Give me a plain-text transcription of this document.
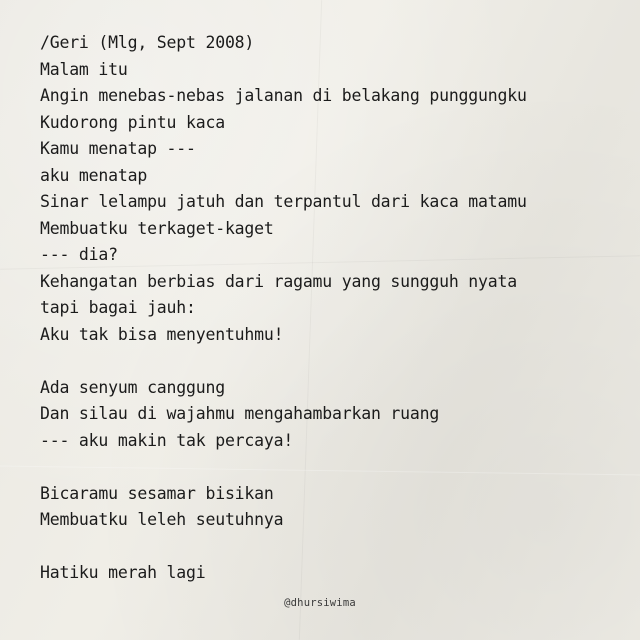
/Geri (Mlg, Sept 2008)
Malam itu
Angin menebas-nebas jalanan di belakang punggungku
Kudorong pintu kaca
Kamu menatap ---
aku menatap
Sinar lelampu jatuh dan terpantul dari kaca matamu
Membuatku terkaget-kaget
--- dia?
Kehangatan berbias dari ragamu yang sungguh nyata
tapi bagai jauh:
Aku tak bisa menyentuhmu!
Ada senyum canggung
Dan silau di wajahmu mengahambarkan ruang
--- aku makin tak percaya!
Bicaramu sesamar bisikan
Membuatku leleh seutuhnya
Hatiku merah lagi
@dhursiwima
